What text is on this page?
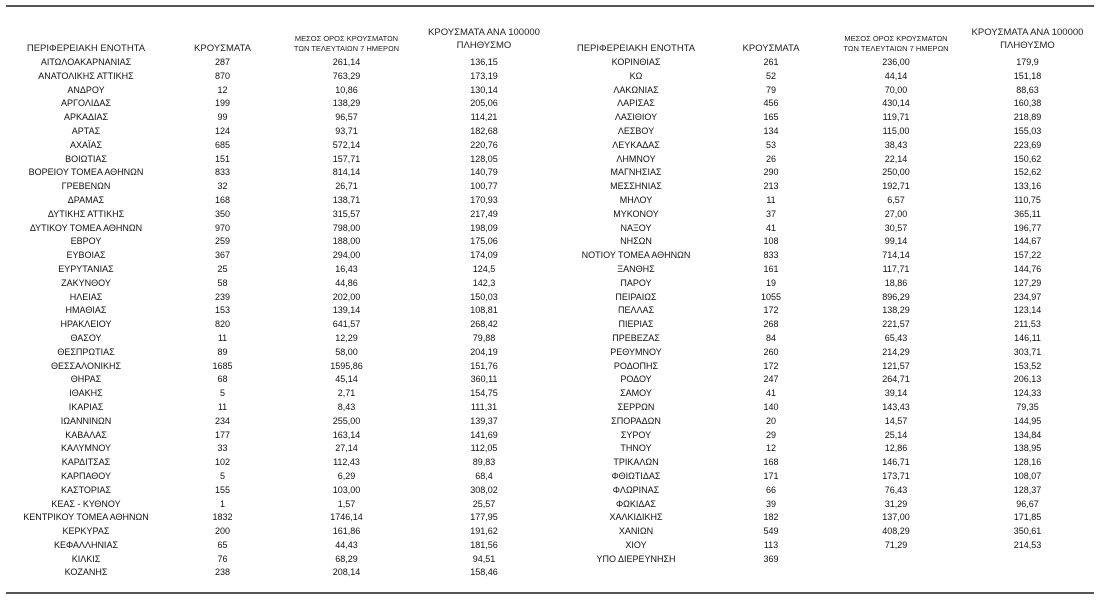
ΠΕΡΙΦΕΡΕΙΑΚΗ ΕΝΟΤΗΤΑ	ΚΡΟΥΣΜΑΤΑ
ΜΕΣΟΣ ΟΡΟΣ ΚΡΟΥΣΜΑΤΩΝ
ΤΩΝ ΤΕΛΕΥΤΑΙΩΝ 7 ΗΜΕΡΩΝ
ΚΡΟΥΣΜΑΤΑ ΑΝΑ 100000
ΠΛΗΘΥΣΜΟ
ΑΙΤΩΛΟΑΚΑΡΝΑΝΙΑΣ	287	261,14	136,15
ΑΝΑΤΟΛΙΚΗΣ ΑΤΤΙΚΗΣ	870	763,29	173,19
ΑΝΔΡΟΥ	12	10,86	130,14
ΑΡΓΟΛΙΔΑΣ	199	138,29	205,06
ΑΡΚΑΔΙΑΣ	99	96,57	114,21
ΑΡΤΑΣ	124	93,71	182,68
ΑΧΑΪΑΣ	685	572,14	220,76
ΒΟΙΩΤΙΑΣ	151	157,71	128,05
ΒΟΡΕΙΟΥ ΤΟΜΕΑ ΑΘΗΝΩΝ	833	814,14	140,79
ΓΡΕΒΕΝΩΝ	32	26,71	100,77
ΔΡΑΜΑΣ	168	138,71	170,93
ΔΥΤΙΚΗΣ ΑΤΤΙΚΗΣ	350	315,57	217,49
ΔΥΤΙΚΟΥ ΤΟΜΕΑ ΑΘΗΝΩΝ	970	798,00	198,09
ΕΒΡΟΥ	259	188,00	175,06
ΕΥΒΟΙΑΣ	367	294,00	174,09
ΕΥΡΥΤΑΝΙΑΣ	25	16,43	124,5
ΖΑΚΥΝΘΟΥ	58	44,86	142,3
ΗΛΕΙΑΣ	239	202,00	150,03
ΗΜΑΘΙΑΣ	153	139,14	108,81
ΗΡΑΚΛΕΙΟΥ	820	641,57	268,42
ΘΑΣΟΥ	11	12,29	79,88
ΘΕΣΠΡΩΤΙΑΣ	89	58,00	204,19
ΘΕΣΣΑΛΟΝΙΚΗΣ	1685	1595,86	151,76
ΘΗΡΑΣ	68	45,14	360,11
ΙΘΑΚΗΣ	5	2,71	154,75
ΙΚΑΡΙΑΣ	11	8,43	111,31
ΙΩΑΝΝΙΝΩΝ	234	255,00	139,37
ΚΑΒΑΛΑΣ	177	163,14	141,69
ΚΑΛΥΜΝΟΥ	33	27,14	112,05
ΚΑΡΔΙΤΣΑΣ	102	112,43	89,83
ΚΑΡΠΑΘΟΥ	5	6,29	68,4
ΚΑΣΤΟΡΙΑΣ	155	103,00	308,02
ΚΕΑΣ - ΚΥΘΝΟΥ	1	1,57	25,57
ΚΕΝΤΡΙΚΟΥ ΤΟΜΕΑ ΑΘΗΝΩΝ	1832	1746,14	177,95
ΚΕΡΚΥΡΑΣ	200	161,86	191,62
ΚΕΦΑΛΛΗΝΙΑΣ	65	44,43	181,56
ΚΙΛΚΙΣ	76	68,29	94,51
ΚΟΖΑΝΗΣ	238	208,14	158,46
ΠΕΡΙΦΕΡΕΙΑΚΗ ΕΝΟΤΗΤΑ	ΚΡΟΥΣΜΑΤΑ
ΜΕΣΟΣ ΟΡΟΣ ΚΡΟΥΣΜΑΤΩΝ
ΤΩΝ ΤΕΛΕΥΤΑΙΩΝ 7 ΗΜΕΡΩΝ
ΚΡΟΥΣΜΑΤΑ ΑΝΑ 100000
ΠΛΗΘΥΣΜΟ
ΚΟΡΙΝΘΙΑΣ	261	236,00	179,9
ΚΩ	52	44,14	151,18
ΛΑΚΩΝΙΑΣ	79	70,00	88,63
ΛΑΡΙΣΑΣ	456	430,14	160,38
ΛΑΣΙΘΙΟΥ	165	119,71	218,89
ΛΕΣΒΟΥ	134	115,00	155,03
ΛΕΥΚΑΔΑΣ	53	38,43	223,69
ΛΗΜΝΟΥ	26	22,14	150,62
ΜΑΓΝΗΣΙΑΣ	290	250,00	152,62
ΜΕΣΣΗΝΙΑΣ	213	192,71	133,16
ΜΗΛΟΥ	11	6,57	110,75
ΜΥΚΟΝΟΥ	37	27,00	365,11
ΝΑΞΟΥ	41	30,57	196,77
ΝΗΣΩΝ	108	99,14	144,67
ΝΟΤΙΟΥ ΤΟΜΕΑ ΑΘΗΝΩΝ	833	714,14	157,22
ΞΑΝΘΗΣ	161	117,71	144,76
ΠΑΡΟΥ	19	18,86	127,29
ΠΕΙΡΑΙΩΣ	1055	896,29	234,97
ΠΕΛΛΑΣ	172	138,29	123,14
ΠΙΕΡΙΑΣ	268	221,57	211,53
ΠΡΕΒΕΖΑΣ	84	65,43	146,11
ΡΕΘΥΜΝΟΥ	260	214,29	303,71
ΡΟΔΟΠΗΣ	172	121,57	153,52
ΡΟΔΟΥ	247	264,71	206,13
ΣΑΜΟΥ	41	39,14	124,33
ΣΕΡΡΩΝ	140	143,43	79,35
ΣΠΟΡΑΔΩΝ	20	14,57	144,95
ΣΥΡΟΥ	29	25,14	134,84
ΤΗΝΟΥ	12	12,86	138,95
ΤΡΙΚΑΛΩΝ	168	146,71	128,16
ΦΘΙΩΤΙΔΑΣ	171	173,71	108,07
ΦΛΩΡΙΝΑΣ	66	76,43	128,37
ΦΩΚΙΔΑΣ	39	31,29	96,67
ΧΑΛΚΙΔΙΚΗΣ	182	137,00	171,85
ΧΑΝΙΩΝ	549	408,29	350,61
ΧΙΟΥ	113	71,29	214,53
ΥΠΟ ΔΙΕΡΕΥΝΗΣΗ	369
